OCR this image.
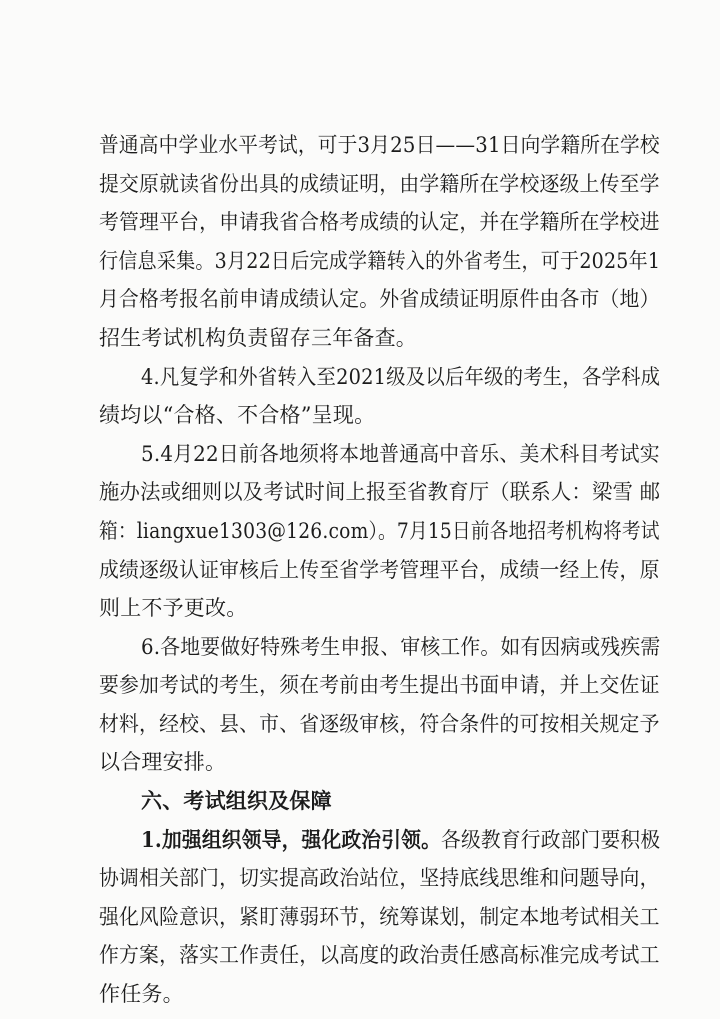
普通高中学业水平考试，可于3月25日——31日向学籍所在学校
提交原就读省份出具的成绩证明，由学籍所在学校逐级上传至学
考管理平台，申请我省合格考成绩的认定，并在学籍所在学校进
行信息采集。3月22日后完成学籍转入的外省考生，可于2025年1
月合格考报名前申请成绩认定。外省成绩证明原件由各市（地）
招生考试机构负责留存三年备查。
4.凡复学和外省转入至2021级及以后年级的考生，各学科成
绩均以“合格、不合格”呈现。
5.4月22日前各地须将本地普通高中音乐、美术科目考试实
施办法或细则以及考试时间上报至省教育厅（联系人：梁雪 邮
箱：liangxue1303@126.com）。7月15日前各地招考机构将考试
成绩逐级认证审核后上传至省学考管理平台，成绩一经上传，原
则上不予更改。
6.各地要做好特殊考生申报、审核工作。如有因病或残疾需
要参加考试的考生，须在考前由考生提出书面申请，并上交佐证
材料，经校、县、市、省逐级审核，符合条件的可按相关规定予
以合理安排。
六、考试组织及保障
1.加强组织领导，强化政治引领。各级教育行政部门要积极
协调相关部门，切实提高政治站位，坚持底线思维和问题导向，
强化风险意识，紧盯薄弱环节，统筹谋划，制定本地考试相关工
作方案，落实工作责任，以高度的政治责任感高标准完成考试工
作任务。
